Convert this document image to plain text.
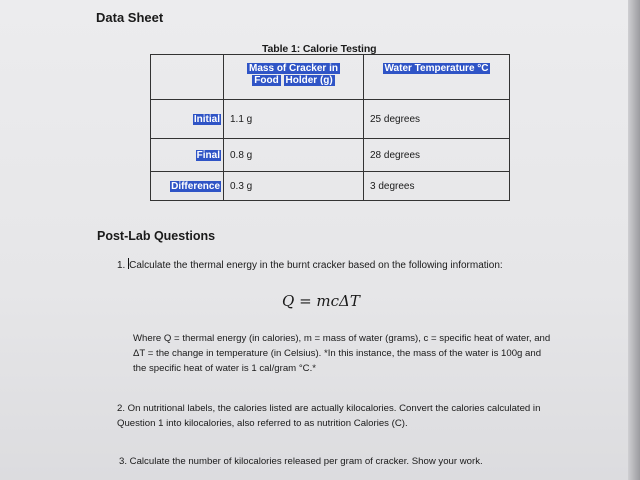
Data Sheet
Table 1: Calorie Testing
	Mass of Cracker in
Food Holder (g)	Water Temperature °C
Initial	1.1 g	25 degrees
Final	0.8 g	28 degrees
Difference	0.3 g	3 degrees
Post-Lab Questions
1. Calculate the thermal energy in the burnt cracker based on the following information:
Q = mcΔT
Where Q = thermal energy (in calories), m = mass of water (grams), c = specific heat of water, and ΔT = the change in temperature (in Celsius). *In this instance, the mass of the water is 100g and the specific heat of water is 1 cal/gram °C.*
2. On nutritional labels, the calories listed are actually kilocalories. Convert the calories calculated in Question 1 into kilocalories, also referred to as nutrition Calories (C).
3. Calculate the number of kilocalories released per gram of cracker. Show your work.
